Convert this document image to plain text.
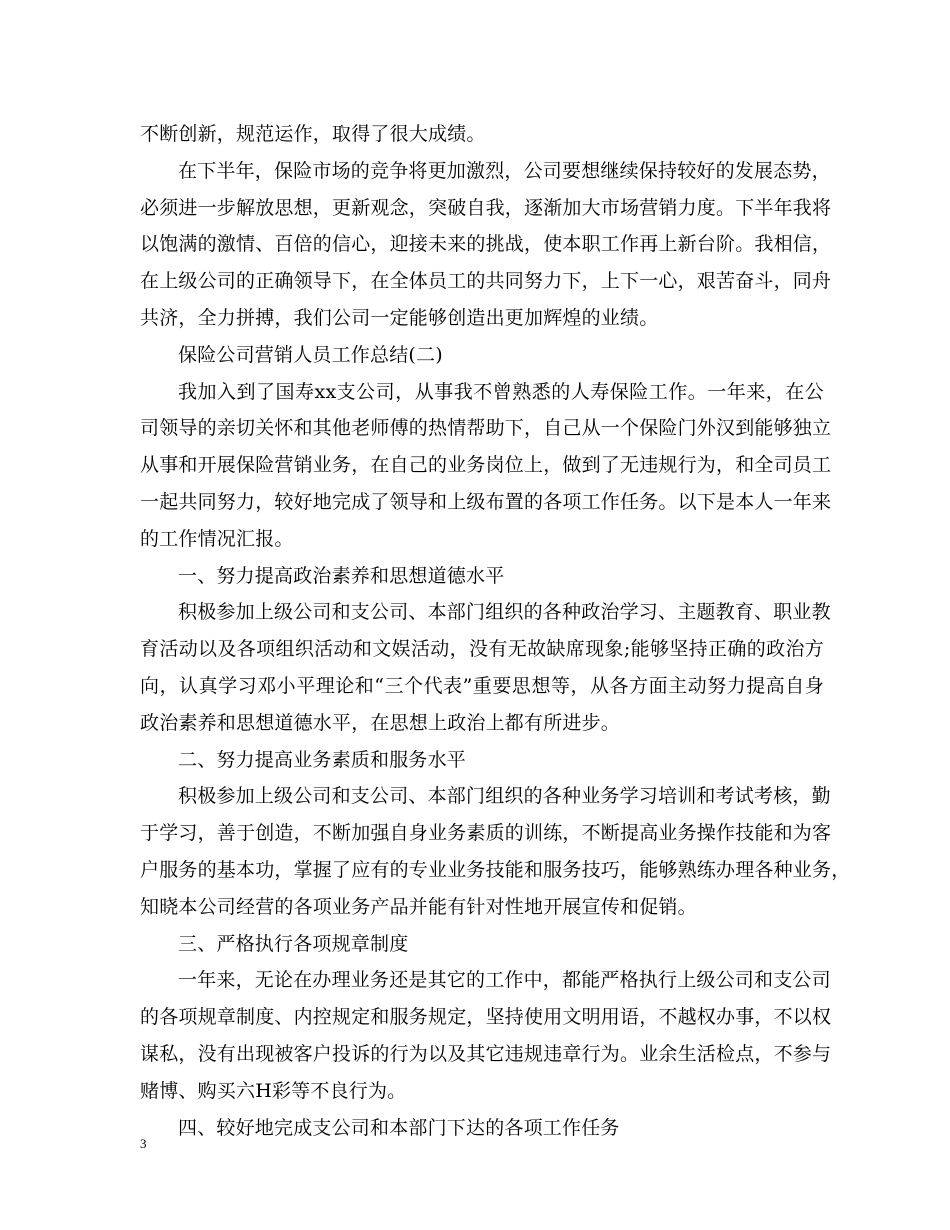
不断创新，规范运作，取得了很大成绩。
在下半年，保险市场的竞争将更加激烈，公司要想继续保持较好的发展态势，
必须进一步解放思想，更新观念，突破自我，逐渐加大市场营销力度。下半年我将
以饱满的激情、百倍的信心，迎接未来的挑战，使本职工作再上新台阶。我相信，
在上级公司的正确领导下，在全体员工的共同努力下，上下一心，艰苦奋斗，同舟
共济，全力拼搏，我们公司一定能够创造出更加辉煌的业绩。
保险公司营销人员工作总结(二)
我加入到了国寿xx支公司，从事我不曾熟悉的人寿保险工作。一年来，在公
司领导的亲切关怀和其他老师傅的热情帮助下，自己从一个保险门外汉到能够独立
从事和开展保险营销业务，在自己的业务岗位上，做到了无违规行为，和全司员工
一起共同努力，较好地完成了领导和上级布置的各项工作任务。以下是本人一年来
的工作情况汇报。
一、努力提高政治素养和思想道德水平
积极参加上级公司和支公司、本部门组织的各种政治学习、主题教育、职业教
育活动以及各项组织活动和文娱活动，没有无故缺席现象;能够坚持正确的政治方
向，认真学习邓小平理论和“三个代表”重要思想等，从各方面主动努力提高自身
政治素养和思想道德水平，在思想上政治上都有所进步。
二、努力提高业务素质和服务水平
积极参加上级公司和支公司、本部门组织的各种业务学习培训和考试考核，勤
于学习，善于创造，不断加强自身业务素质的训练，不断提高业务操作技能和为客
户服务的基本功，掌握了应有的专业业务技能和服务技巧，能够熟练办理各种业务，
知晓本公司经营的各项业务产品并能有针对性地开展宣传和促销。
三、严格执行各项规章制度
一年来，无论在办理业务还是其它的工作中，都能严格执行上级公司和支公司
的各项规章制度、内控规定和服务规定，坚持使用文明用语，不越权办事，不以权
谋私，没有出现被客户投诉的行为以及其它违规违章行为。业余生活检点，不参与
赌博、购买六H彩等不良行为。
四、较好地完成支公司和本部门下达的各项工作任务
3
